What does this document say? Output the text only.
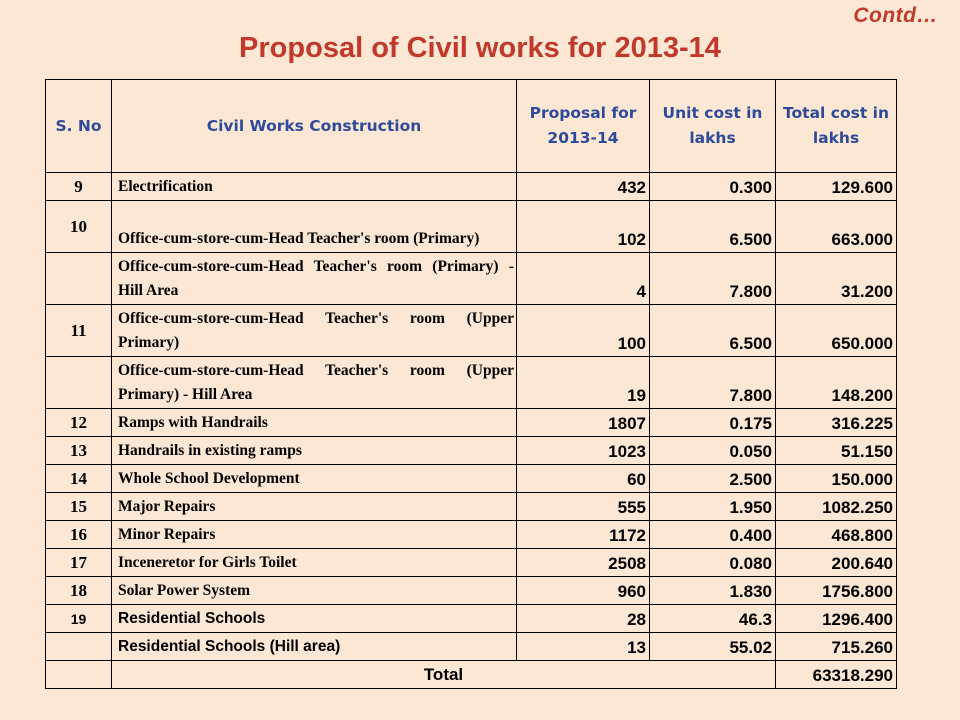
Contd…
Proposal of Civil works for 2013-14
S. No	Civil Works Construction	Proposal for 2013-14	Unit cost in lakhs	Total cost in lakhs
9	Electrification	432	0.300	129.600
10	Office-cum-store-cum-Head Teacher's room (Primary)	102	6.500	663.000
	Office-cum-store-cum-Head Teacher's room (Primary) - Hill Area	4	7.800	31.200
11	Office-cum-store-cum-Head Teacher's room (Upper Primary)	100	6.500	650.000
	Office-cum-store-cum-Head Teacher's room (Upper Primary) - Hill Area	19	7.800	148.200
12	Ramps with Handrails	1807	0.175	316.225
13	Handrails in existing ramps	1023	0.050	51.150
14	Whole School Development	60	2.500	150.000
15	Major Repairs	555	1.950	1082.250
16	Minor Repairs	1172	0.400	468.800
17	Inceneretor for Girls Toilet	2508	0.080	200.640
18	Solar Power System	960	1.830	1756.800
19	Residential Schools	28	46.3	1296.400
	Residential Schools (Hill area)	13	55.02	715.260
	Total			63318.290
